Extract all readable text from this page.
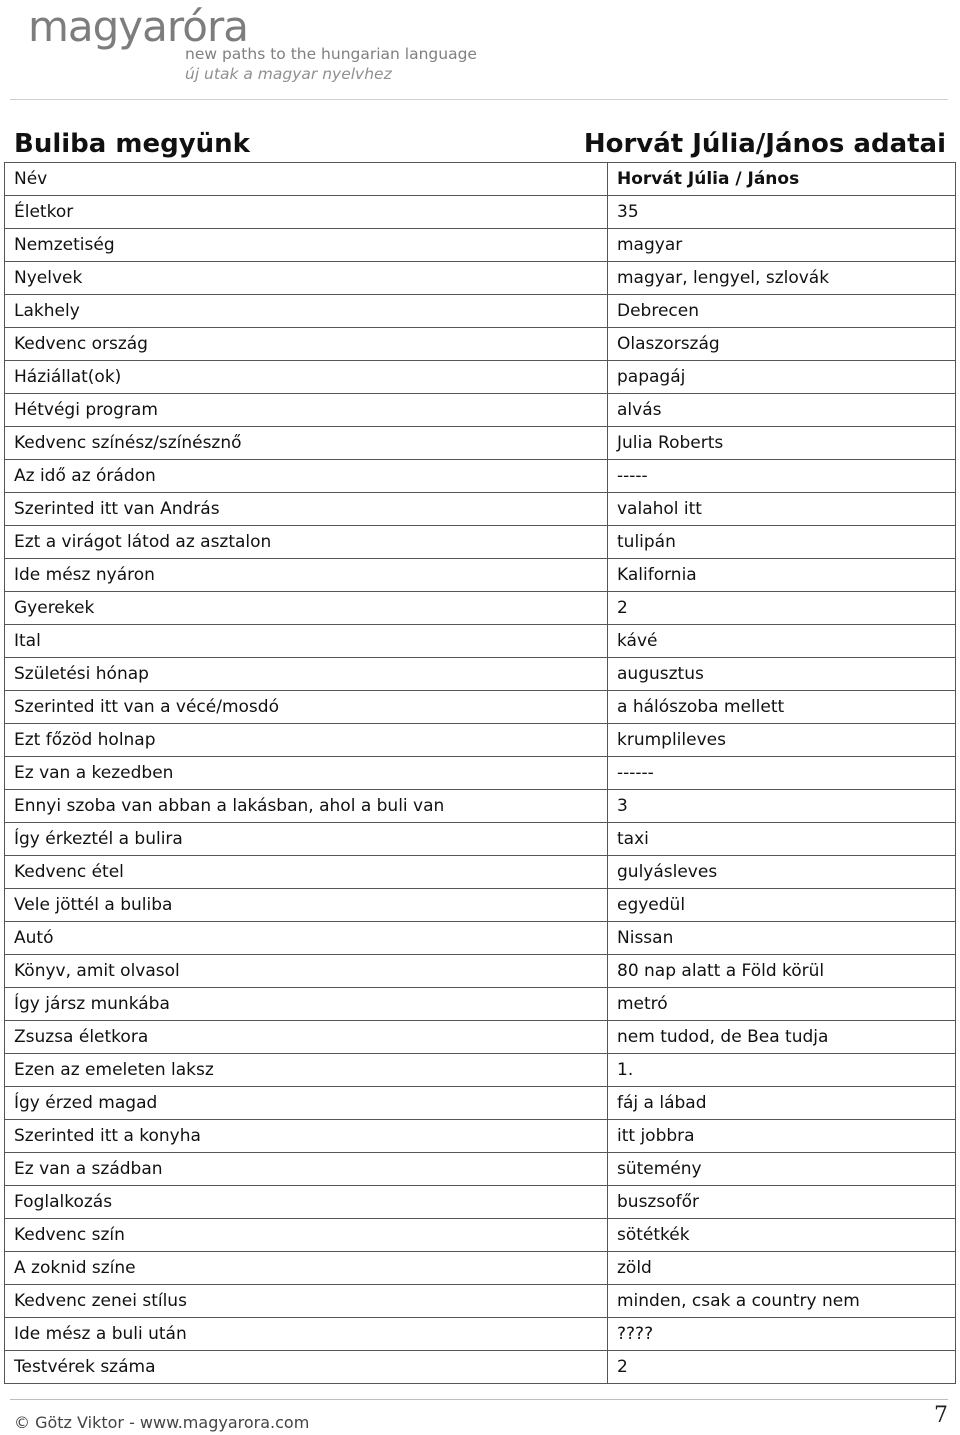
magyaróra
new paths to the hungarian language
új utak a magyar nyelvhez
Buliba megyünk	Horvát Júlia/János adatai
Név	Horvát Júlia / János
Életkor	35
Nemzetiség	magyar
Nyelvek	magyar, lengyel, szlovák
Lakhely	Debrecen
Kedvenc ország	Olaszország
Háziállat(ok)	papagáj
Hétvégi program	alvás
Kedvenc színész/színésznő	Julia Roberts
Az idő az órádon	-----
Szerinted itt van András	valahol itt
Ezt a virágot látod az asztalon	tulipán
Ide mész nyáron	Kalifornia
Gyerekek	2
Ital	kávé
Születési hónap	augusztus
Szerinted itt van a vécé/mosdó	a hálószoba mellett
Ezt főzöd holnap	krumplileves
Ez van a kezedben	------
Ennyi szoba van abban a lakásban, ahol a buli van	3
Így érkeztél a bulira	taxi
Kedvenc étel	gulyásleves
Vele jöttél a buliba	egyedül
Autó	Nissan
Könyv, amit olvasol	80 nap alatt a Föld körül
Így jársz munkába	metró
Zsuzsa életkora	nem tudod, de Bea tudja
Ezen az emeleten laksz	1.
Így érzed magad	fáj a lábad
Szerinted itt a konyha	itt jobbra
Ez van a szádban	sütemény
Foglalkozás	buszsofőr
Kedvenc szín	sötétkék
A zoknid színe	zöld
Kedvenc zenei stílus	minden, csak a country nem
Ide mész a buli után	????
Testvérek száma	2
© Götz Viktor - www.magyarora.com	7
